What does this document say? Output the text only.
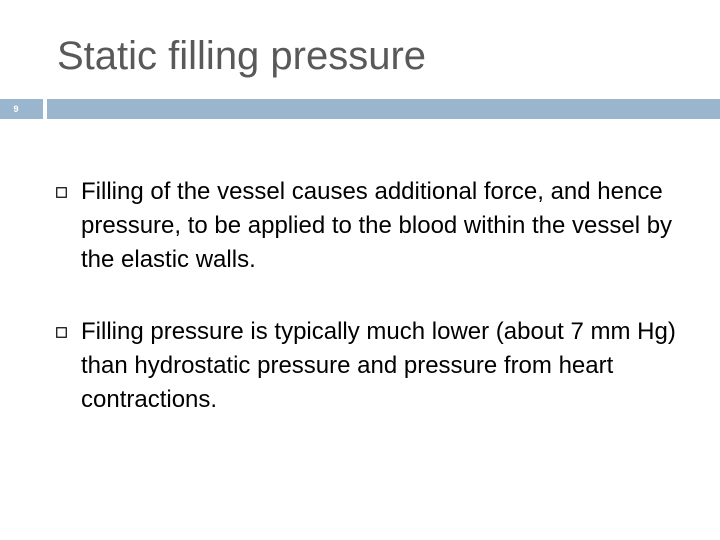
Static filling pressure
9
Filling of the vessel causes additional force, and hence pressure, to be applied to the blood within the vessel by the elastic walls.
Filling pressure is typically much lower (about 7 mm Hg) than hydrostatic pressure and pressure from heart contractions.
